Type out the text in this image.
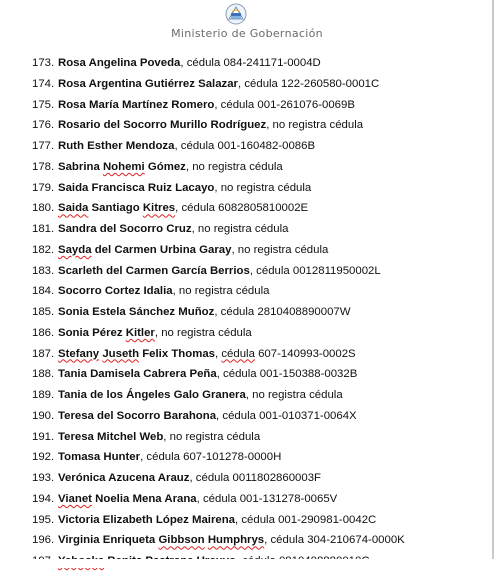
Ministerio de Gobernación
173. Rosa Angelina Poveda, cédula 084-241171-0004D
174. Rosa Argentina Gutiérrez Salazar, cédula 122-260580-0001C
175. Rosa María Martínez Romero, cédula 001-261076-0069B
176. Rosario del Socorro Murillo Rodríguez, no registra cédula
177. Ruth Esther Mendoza, cédula 001-160482-0086B
178. Sabrina Nohemi Gómez, no registra cédula
179. Saida Francisca Ruiz Lacayo, no registra cédula
180. Saida Santiago Kitres, cédula 6082805810002E
181. Sandra del Socorro Cruz, no registra cédula
182. Sayda del Carmen Urbina Garay, no registra cédula
183. Scarleth del Carmen García Berrios, cédula 0012811950002L
184. Socorro Cortez Idalia, no registra cédula
185. Sonia Estela Sánchez Muñoz, cédula 2810408890007W
186. Sonia Pérez Kitler, no registra cédula
187. Stefany Juseth Felix Thomas, cédula 607-140993-0002S
188. Tania Damisela Cabrera Peña, cédula 001-150388-0032B
189. Tania de los Ángeles Galo Granera, no registra cédula
190. Teresa del Socorro Barahona, cédula 001-010371-0064X
191. Teresa Mitchel Web, no registra cédula
192. Tomasa Hunter, cédula 607-101278-0000H
193. Verónica Azucena Arauz, cédula 0011802860003F
194. Vianet Noelia Mena Arana, cédula 001-131278-0065V
195. Victoria Elizabeth López Mairena, cédula 001-290981-0042C
196. Virginia Enriqueta Gibbson Humphrys, cédula 304-210674-0000K
